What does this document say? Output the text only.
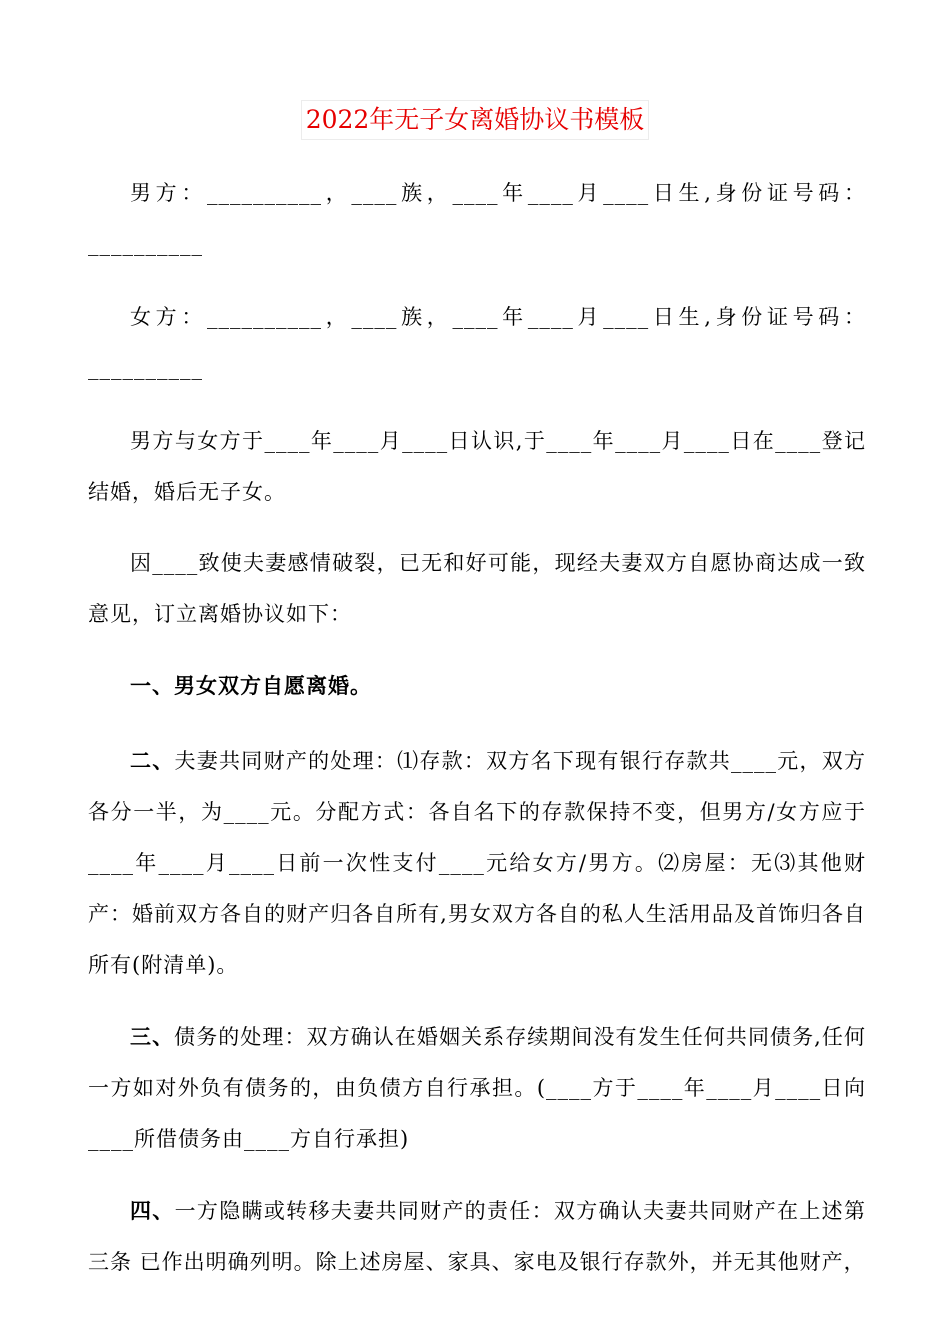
2022年无子女离婚协议书模板

男方：__________，____族，____年____月____日生,身份证号码：__________

女方：__________，____族，____年____月____日生,身份证号码：__________

男方与女方于____年____月____日认识,于____年____月____日在____登记结婚，婚后无子女。

因____致使夫妻感情破裂，已无和好可能，现经夫妻双方自愿协商达成一致意见，订立离婚协议如下：

一、男女双方自愿离婚。

二、夫妻共同财产的处理：⑴存款：双方名下现有银行存款共____元，双方各分一半，为____元。分配方式：各自名下的存款保持不变，但男方/女方应于____年____月____日前一次性支付____元给女方/男方。⑵房屋：无⑶其他财产：婚前双方各自的财产归各自所有,男女双方各自的私人生活用品及首饰归各自所有(附清单)。

三、债务的处理：双方确认在婚姻关系存续期间没有发生任何共同债务,任何一方如对外负有债务的，由负债方自行承担。(____方于____年____月____日向____所借债务由____方自行承担)

四、一方隐瞒或转移夫妻共同财产的责任：双方确认夫妻共同财产在上述第三条 已作出明确列明。除上述房屋、家具、家电及银行存款外，并无其他财产，
